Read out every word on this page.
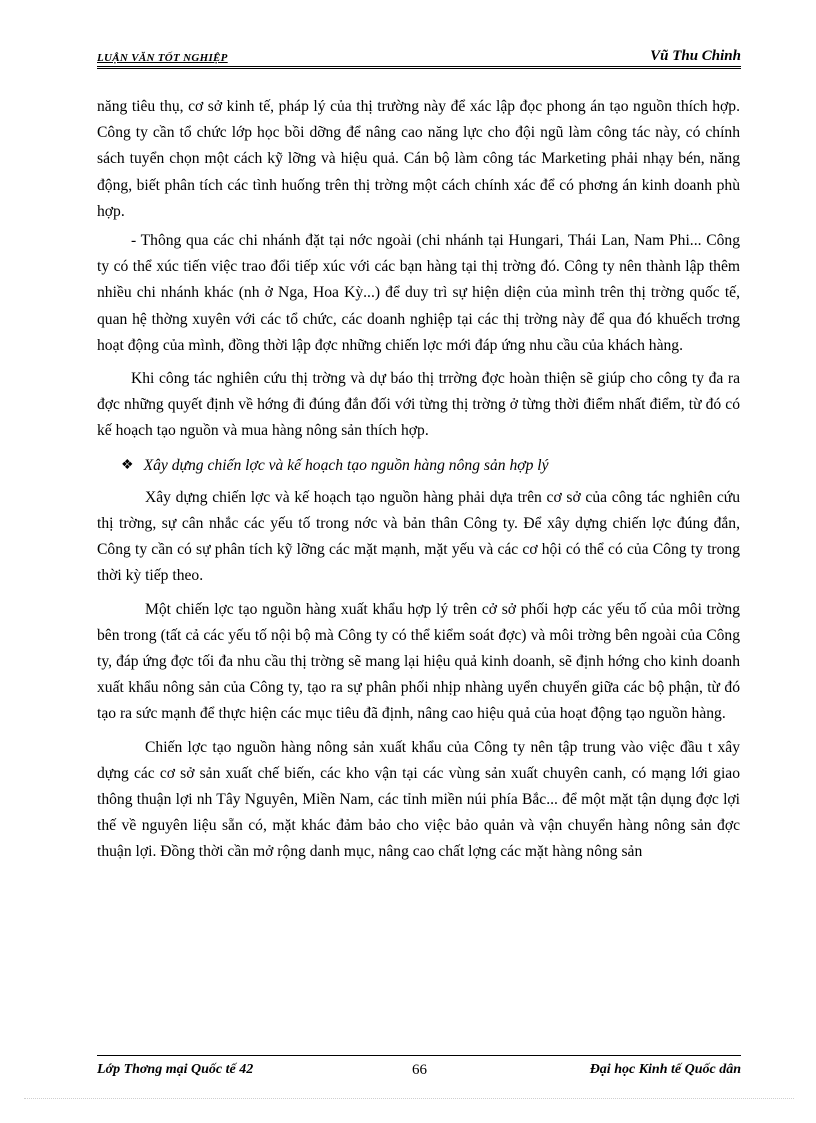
LUẬN VĂN TỐT NGHIỆP	Vũ Thu Chinh

năng tiêu thụ, cơ sở kinh tế, pháp lý của thị trường này để xác lập đọc phong án tạo nguồn thích hợp. Công ty cần tổ chức lớp học bồi dỡng để nâng cao năng lực cho đội ngũ làm công tác này, có chính sách tuyển chọn một cách kỹ lỡng và hiệu quả. Cán bộ làm công tác Marketing phải nhạy bén, năng động, biết phân tích các tình huống trên thị trờng một cách chính xác để có phơng án kinh doanh phù hợp.

- Thông qua các chi nhánh đặt tại nớc ngoài (chi nhánh tại Hungari, Thái Lan, Nam Phi... Công ty có thể xúc tiến việc trao đổi tiếp xúc với các bạn hàng tại thị trờng đó. Công ty nên thành lập thêm nhiều chi nhánh khác (nh ở Nga, Hoa Kỳ...) để duy trì sự hiện diện của mình trên thị trờng quốc tế, quan hệ thờng xuyên với các tổ chức, các doanh nghiệp tại các thị trờng này để qua đó khuếch trơng hoạt động của mình, đồng thời lập đợc những chiến lợc mới đáp ứng nhu cầu của khách hàng.

Khi công tác nghiên cứu thị trờng và dự báo thị trrờng đợc hoàn thiện sẽ giúp cho công ty đa ra đợc những quyết định về hớng đi đúng đắn đối với từng thị trờng ở từng thời điểm nhất điểm, từ đó có kế hoạch tạo nguồn và mua hàng nông sản thích hợp.

❖ Xây dựng chiến lợc và kế hoạch tạo nguồn hàng nông sản hợp lý

Xây dựng chiến lợc và kế hoạch tạo nguồn hàng phải dựa trên cơ sở của công tác nghiên cứu thị trờng, sự cân nhắc các yếu tố trong nớc và bản thân Công ty. Để xây dựng chiến lợc đúng đắn, Công ty cần có sự phân tích kỹ lỡng các mặt mạnh, mặt yếu và các cơ hội có thể có của Công ty trong thời kỳ tiếp theo.

Một chiến lợc tạo nguồn hàng xuất khẩu hợp lý trên cở sở phối hợp các yếu tố của môi trờng bên trong (tất cả các yếu tố nội bộ mà Công ty có thể kiểm soát đợc) và môi trờng bên ngoài của Công ty, đáp ứng đợc tối đa nhu cầu thị trờng sẽ mang lại hiệu quả kinh doanh, sẽ định hớng cho kinh doanh xuất khẩu nông sản của Công ty, tạo ra sự phân phối nhịp nhàng uyển chuyển giữa các bộ phận, từ đó tạo ra sức mạnh để thực hiện các mục tiêu đã định, nâng cao hiệu quả của hoạt động tạo nguồn hàng.

Chiến lợc tạo nguồn hàng nông sản xuất khẩu của Công ty nên tập trung vào việc đầu t xây dựng các cơ sở sản xuất chế biến, các kho vận tại các vùng sản xuất chuyên canh, có mạng lới giao thông thuận lợi nh Tây Nguyên, Miền Nam, các tỉnh miền núi phía Bắc... để một mặt tận dụng đợc lợi thế về nguyên liệu sẵn có, mặt khác đảm bảo cho việc bảo quản và vận chuyển hàng nông sản đợc thuận lợi. Đồng thời cần mở rộng danh mục, nâng cao chất lợng các mặt hàng nông sản

Lớp Thơng mại Quốc tế 42	66	Đại học Kinh tế Quốc dân
